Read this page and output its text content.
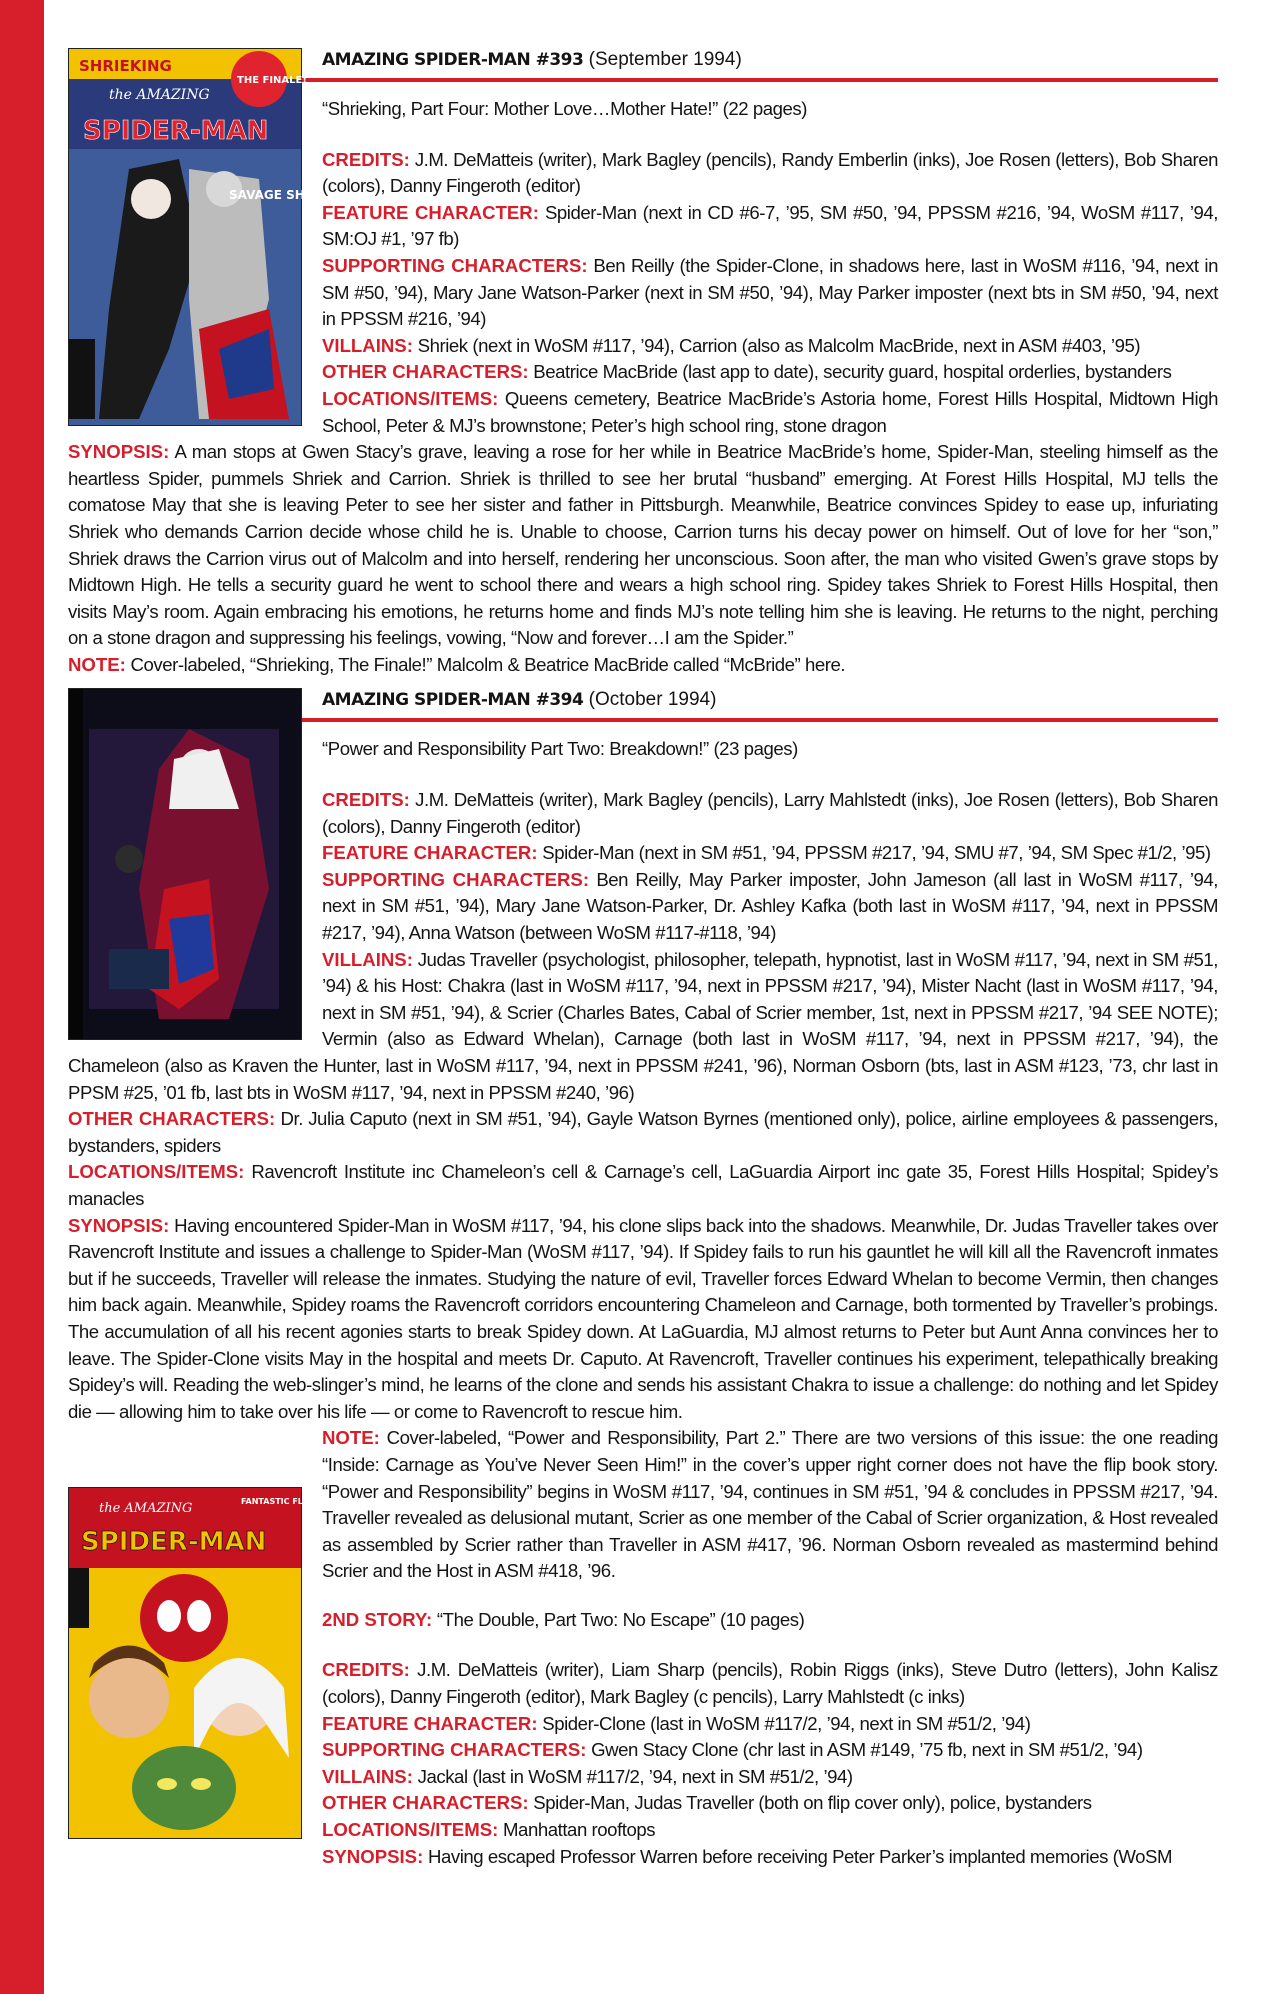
SHRIEKING
THE FINALE!
the AMAZING
SPIDER-MAN
SAVAGE SHOWDOWN!
AMAZING SPIDER-MAN #393 (September 1994)

“Shrieking, Part Four: Mother Love…Mother Hate!” (22 pages)

CREDITS: J.M. DeMatteis (writer), Mark Bagley (pencils), Randy Emberlin (inks), Joe Rosen (letters), Bob Sharen (colors), Danny Fingeroth (editor)

FEATURE CHARACTER: Spider-Man (next in CD #6-7, ’95, SM #50, ’94, PPSSM #216, ’94, WoSM #117, ’94, SM:OJ #1, ’97 fb)

SUPPORTING CHARACTERS: Ben Reilly (the Spider-Clone, in shadows here, last in WoSM #116, ’94, next in SM #50, ’94), Mary Jane Watson-Parker (next in SM #50, ’94), May Parker imposter (next bts in SM #50, ’94, next in PPSSM #216, ’94)

VILLAINS: Shriek (next in WoSM #117, ’94), Carrion (also as Malcolm MacBride, next in ASM #403, ’95)

OTHER CHARACTERS: Beatrice MacBride (last app to date), security guard, hospital orderlies, bystanders

LOCATIONS/ITEMS: Queens cemetery, Beatrice MacBride’s Astoria home, Forest Hills Hospital, Midtown High School, Peter & MJ’s brownstone; Peter’s high school ring, stone dragon

SYNOPSIS: A man stops at Gwen Stacy’s grave, leaving a rose for her while in Beatrice MacBride’s home, Spider-Man, steeling himself as the heartless Spider, pummels Shriek and Carrion. Shriek is thrilled to see her brutal “husband” emerging. At Forest Hills Hospital, MJ tells the comatose May that she is leaving Peter to see her sister and father in Pittsburgh. Meanwhile, Beatrice convinces Spidey to ease up, infuriating Shriek who demands Carrion decide whose child he is. Unable to choose, Carrion turns his decay power on himself. Out of love for her “son,” Shriek draws the Carrion virus out of Malcolm and into herself, rendering her unconscious. Soon after, the man who visited Gwen’s grave stops by Midtown High. He tells a security guard he went to school there and wears a high school ring. Spidey takes Shriek to Forest Hills Hospital, then visits May’s room. Again embracing his emotions, he returns home and finds MJ’s note telling him she is leaving. He returns to the night, perching on a stone dragon and suppressing his feelings, vowing, “Now and forever…I am the Spider.”

NOTE: Cover-labeled, “Shrieking, The Finale!” Malcolm & Beatrice MacBride called “McBride” here.

AMAZING SPIDER-MAN #394 (October 1994)

“Power and Responsibility Part Two: Breakdown!” (23 pages)

CREDITS: J.M. DeMatteis (writer), Mark Bagley (pencils), Larry Mahlstedt (inks), Joe Rosen (letters), Bob Sharen (colors), Danny Fingeroth (editor)

FEATURE CHARACTER: Spider-Man (next in SM #51, ’94, PPSSM #217, ’94, SMU #7, ’94, SM Spec #1/2, ’95)

SUPPORTING CHARACTERS: Ben Reilly, May Parker imposter, John Jameson (all last in WoSM #117, ’94, next in SM #51, ’94), Mary Jane Watson-Parker, Dr. Ashley Kafka (both last in WoSM #117, ’94, next in PPSSM #217, ’94), Anna Watson (between WoSM #117-#118, ’94)

VILLAINS: Judas Traveller (psychologist, philosopher, telepath, hypnotist, last in WoSM #117, ’94, next in SM #51, ’94) & his Host: Chakra (last in WoSM #117, ’94, next in PPSSM #217, ’94), Mister Nacht (last in WoSM #117, ’94, next in SM #51, ’94), & Scrier (Charles Bates, Cabal of Scrier member, 1st, next in PPSSM #217, ’94 SEE NOTE); Vermin (also as Edward Whelan), Carnage (both last in WoSM #117, ’94, next in PPSSM #217, ’94), the Chameleon (also as Kraven the Hunter, last in WoSM #117, ’94, next in PPSSM #241, ’96), Norman Osborn (bts, last in ASM #123, ’73, chr last in PPSM #25, ’01 fb, last bts in WoSM #117, ’94, next in PPSSM #240, ’96)

OTHER CHARACTERS: Dr. Julia Caputo (next in SM #51, ’94), Gayle Watson Byrnes (mentioned only), police, airline employees & passengers, bystanders, spiders

LOCATIONS/ITEMS: Ravencroft Institute inc Chameleon’s cell & Carnage’s cell, LaGuardia Airport inc gate 35, Forest Hills Hospital; Spidey’s manacles

SYNOPSIS: Having encountered Spider-Man in WoSM #117, ’94, his clone slips back into the shadows. Meanwhile, Dr. Judas Traveller takes over Ravencroft Institute and issues a challenge to Spider-Man (WoSM #117, ’94). If Spidey fails to run his gauntlet he will kill all the Ravencroft inmates but if he succeeds, Traveller will release the inmates. Studying the nature of evil, Traveller forces Edward Whelan to become Vermin, then changes him back again. Meanwhile, Spidey roams the Ravencroft corridors encountering Chameleon and Carnage, both tormented by Traveller’s probings. The accumulation of all his recent agonies starts to break Spidey down. At LaGuardia, MJ almost returns to Peter but Aunt Anna convinces her to leave. The Spider-Clone visits May in the hospital and meets Dr. Caputo. At Ravencroft, Traveller continues his experiment, telepathically breaking Spidey’s will. Reading the web-slinger’s mind, he learns of the clone and sends his assistant Chakra to issue a challenge: do nothing and let Spidey die — allowing him to take over his life — or come to Ravencroft to rescue him.

the AMAZING
SPIDER-MAN
FANTASTIC FLIP BOOK

NOTE: Cover-labeled, “Power and Responsibility, Part 2.” There are two versions of this issue: the one reading “Inside: Carnage as You’ve Never Seen Him!” in the cover’s upper right corner does not have the flip book story. “Power and Responsibility” begins in WoSM #117, ’94, continues in SM #51, ’94 & concludes in PPSSM #217, ’94. Traveller revealed as delusional mutant, Scrier as one member of the Cabal of Scrier organization, & Host revealed as assembled by Scrier rather than Traveller in ASM #417, ’96. Norman Osborn revealed as mastermind behind Scrier and the Host in ASM #418, ’96.

2ND STORY: “The Double, Part Two: No Escape” (10 pages)

CREDITS: J.M. DeMatteis (writer), Liam Sharp (pencils), Robin Riggs (inks), Steve Dutro (letters), John Kalisz (colors), Danny Fingeroth (editor), Mark Bagley (c pencils), Larry Mahlstedt (c inks)

FEATURE CHARACTER: Spider-Clone (last in WoSM #117/2, ’94, next in SM #51/2, ’94)

SUPPORTING CHARACTERS: Gwen Stacy Clone (chr last in ASM #149, ’75 fb, next in SM #51/2, ’94)

VILLAINS: Jackal (last in WoSM #117/2, ’94, next in SM #51/2, ’94)

OTHER CHARACTERS: Spider-Man, Judas Traveller (both on flip cover only), police, bystanders

LOCATIONS/ITEMS: Manhattan rooftops

SYNOPSIS: Having escaped Professor Warren before receiving Peter Parker’s implanted memories (WoSM
